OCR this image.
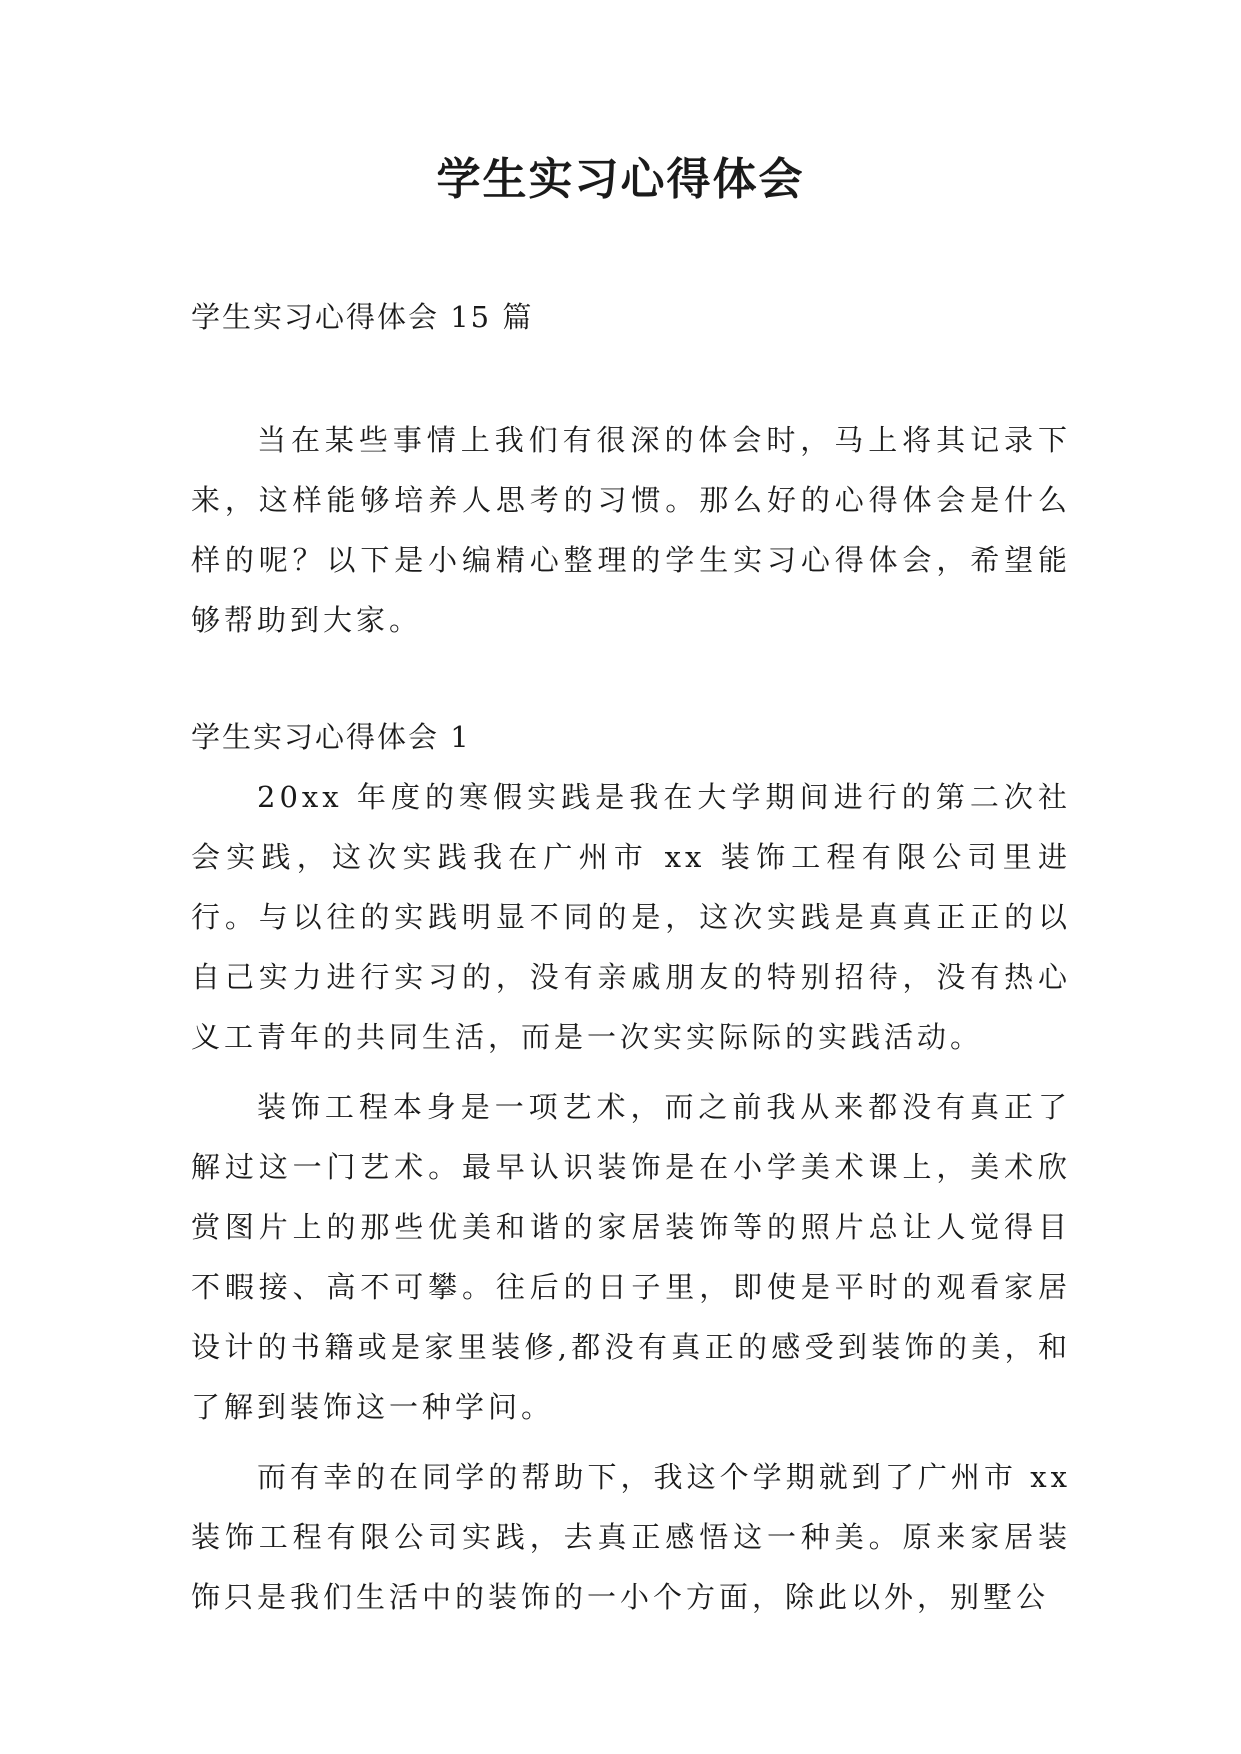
学生实习心得体会

学生实习心得体会 15 篇

当在某些事情上我们有很深的体会时，马上将其记录下来，这样能够培养人思考的习惯。那么好的心得体会是什么样的呢？以下是小编精心整理的学生实习心得体会，希望能够帮助到大家。

学生实习心得体会 1

20xx 年度的寒假实践是我在大学期间进行的第二次社会实践，这次实践我在广州市 xx 装饰工程有限公司里进行。与以往的实践明显不同的是，这次实践是真真正正的以自己实力进行实习的，没有亲戚朋友的特别招待，没有热心义工青年的共同生活，而是一次实实际际的实践活动。

装饰工程本身是一项艺术，而之前我从来都没有真正了解过这一门艺术。最早认识装饰是在小学美术课上，美术欣赏图片上的那些优美和谐的家居装饰等的照片总让人觉得目不暇接、高不可攀。往后的日子里，即使是平时的观看家居设计的书籍或是家里装修,都没有真正的感受到装饰的美，和了解到装饰这一种学问。

而有幸的在同学的帮助下，我这个学期就到了广州市 xx 装饰工程有限公司实践，去真正感悟这一种美。原来家居装饰只是我们生活中的装饰的一小个方面，除此以外，别墅公
